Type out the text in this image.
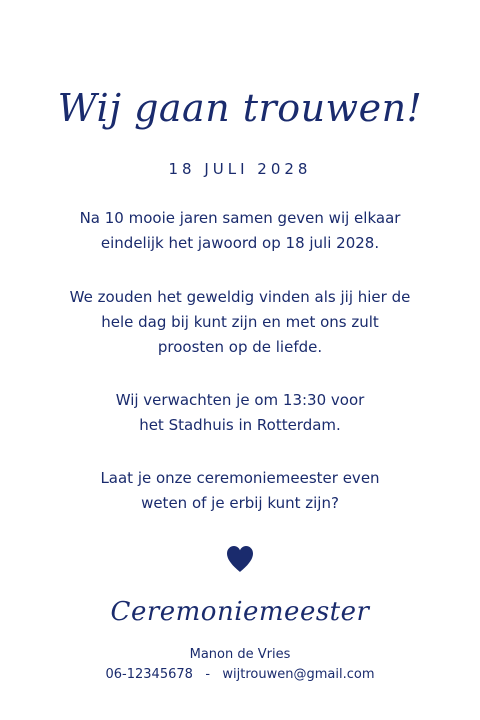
Wij gaan trouwen!
18 JULI 2028
Na 10 mooie jaren samen geven wij elkaar
eindelijk het jawoord op 18 juli 2028.
We zouden het geweldig vinden als jij hier de
hele dag bij kunt zijn en met ons zult
proosten op de liefde.
Wij verwachten je om 13:30 voor
het Stadhuis in Rotterdam.
Laat je onze ceremoniemeester even
weten of je erbij kunt zijn?
Ceremoniemeester
Manon de Vries
06-12345678 - wijtrouwen@gmail.com
